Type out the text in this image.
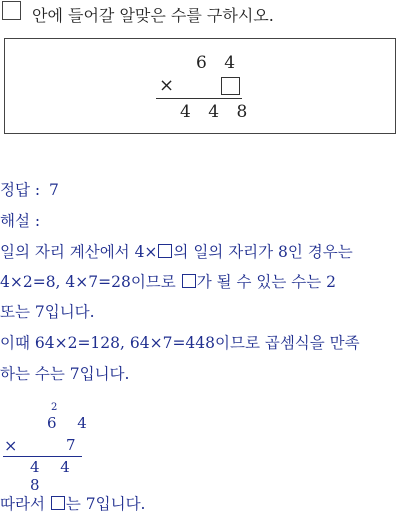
안에 들어갈 알맞은 수를 구하시오.
6 4
×
4 4 8
정답 : 7
해설 :
일의 자리 계산에서 4× 의 일의 자리가 8인 경우는
4×2=8, 4×7=28이므로 가 될 수 있는 수는 2
또는 7입니다.
이때 64×2=128, 64×7=448이므로 곱셈식을 만족
하는 수는 7입니다.
2
6 4
×	7
4 4 8
따라서 는 7입니다.
